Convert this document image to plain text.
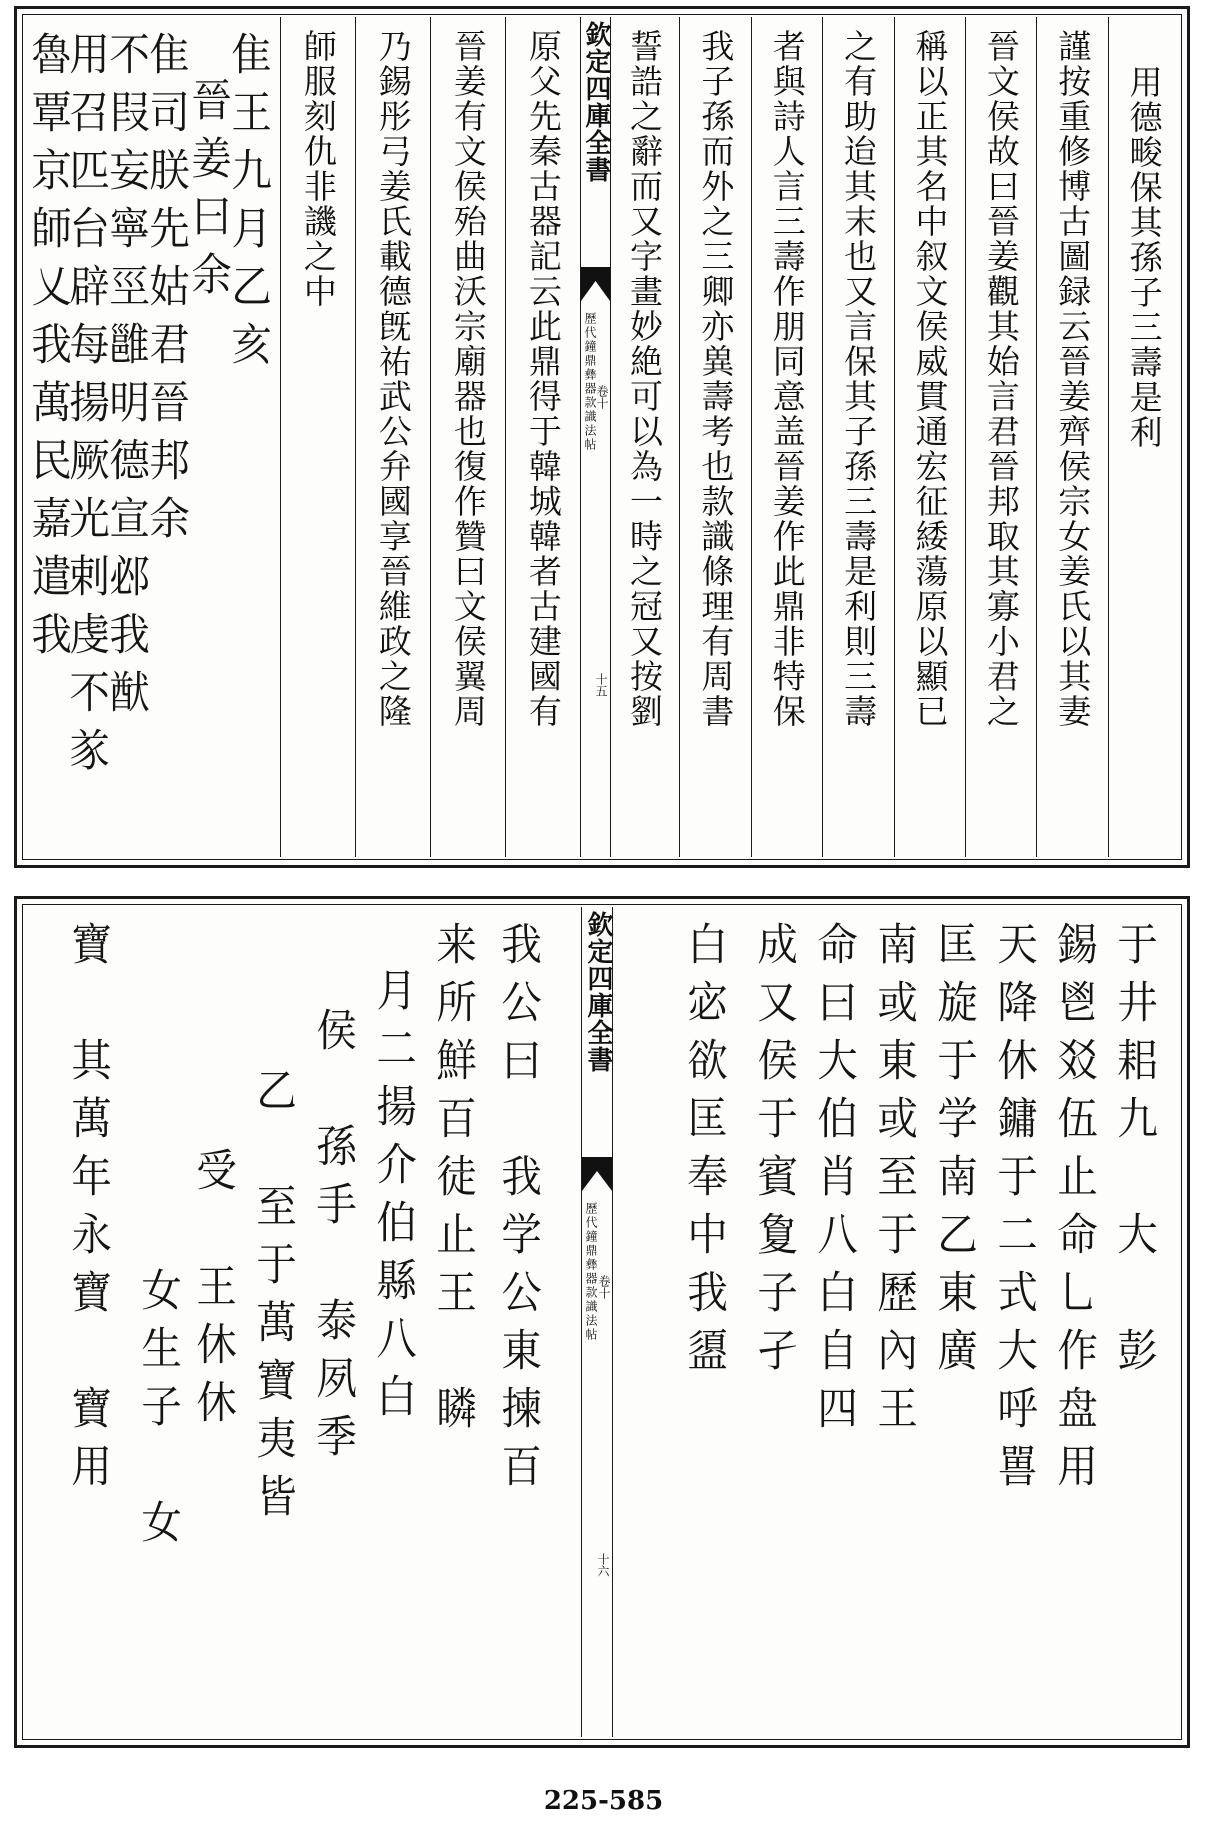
用德畯保其孫子三壽是利
謹按重修博古圖録云晉姜齊侯宗女姜氏以其妻
晉文侯故曰晉姜觀其始言君晉邦取其寡小君之
稱以正其名中叙文侯威貫通宏征緌蕩原以顯已
之有助迨其末也又言保其子孫三壽是利則三壽
者與詩人言三壽作朋同意盖晉姜作此鼎非特保
我子孫而外之三卿亦兾壽考也款識條理有周書
誓誥之辭而又字畫妙絶可以為一時之冠又按劉
欽定四庫全書
歷代鐘鼎彝器款識法帖
卷十
十五
原父先秦古器記云此鼎得于韓城韓者古建國有
晉姜有文侯殆曲沃宗廟器也復作贊曰文侯翼周
乃錫彤弓姜氏載德旣祐武公弁國享晉維政之隆
師服刻仇非譏之中
隹王九月乙亥
晉姜曰余
隹司朕先姑君晉邦余
不叚妄寧巠雝明德宣邲我猷
用召匹台辟每揚厥光剌虔不㒸
魯覃京師乂我萬民嘉遣我
于井耜九　大　彭
錫鬯㸚伍止命乚作盘用
天降休鏞于二式大呼嘼
匡旋于学南乙東廣
南或東或至于歷內王
命曰大伯肖八白自四
成又侯于賓夐子孑
白宓欲匡奉中我盨
欽定四庫全書
歷代鐘鼎彝器款識法帖 卷十
十六
我公曰　我学公東揀百
来所鮮百徒止王　瞵
月二揚介伯縣八白
侯　孫手　泰夙季
乙　至于萬寶夷皆
受　王休休
女生子　女
寶　其萬年永寶　寶用
225-585
